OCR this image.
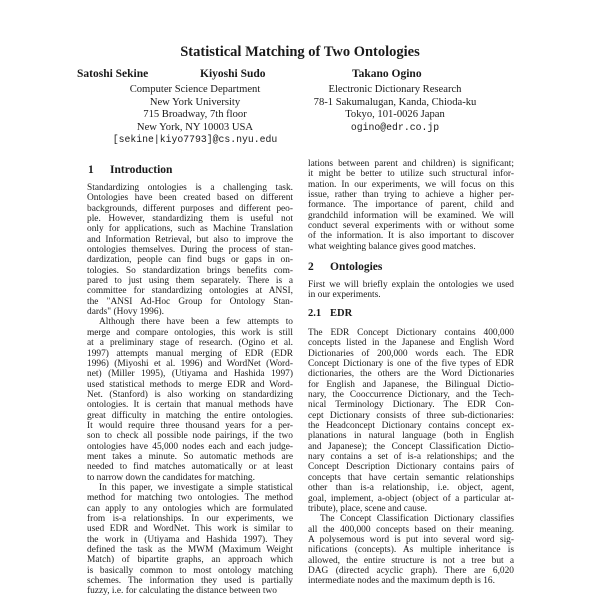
Statistical Matching of Two Ontologies
Satoshi Sekine	Kiyoshi Sudo	Takano Ogino
Computer Science Department
New York University
715 Broadway, 7th floor
New York, NY 10003 USA
[sekine|kiyo7793]@cs.nyu.edu
Electronic Dictionary Research
78-1 Sakumalugan, Kanda, Chioda-ku
Tokyo, 101-0026 Japan
ogino@edr.co.jp
1 Introduction
Standardizing ontologies is a challenging task.
Ontologies have been created based on different
backgrounds, different purposes and different peo-
ple. However, standardizing them is useful not
only for applications, such as Machine Translation
and Information Retrieval, but also to improve the
ontologies themselves. During the process of stan-
dardization, people can find bugs or gaps in on-
tologies. So standardization brings benefits com-
pared to just using them separately. There is a
committee for standardizing ontologies at ANSI,
the "ANSI Ad-Hoc Group for Ontology Stan-
dards" (Hovy 1996).
Although there have been a few attempts to
merge and compare ontologies, this work is still
at a preliminary stage of research. (Ogino et al.
1997) attempts manual merging of EDR (EDR
1996) (Miyoshi et al. 1996) and WordNet (Word-
net) (Miller 1995), (Utiyama and Hashida 1997)
used statistical methods to merge EDR and Word-
Net. (Stanford) is also working on standardizing
ontologies. It is certain that manual methods have
great difficulty in matching the entire ontologies.
It would require three thousand years for a per-
son to check all possible node pairings, if the two
ontologies have 45,000 nodes each and each judge-
ment takes a minute. So automatic methods are
needed to find matches automatically or at least
to narrow down the candidates for matching.
In this paper, we investigate a simple statistical
method for matching two ontologies. The method
can apply to any ontologies which are formulated
from is-a relationships. In our experiments, we
used EDR and WordNet. This work is similar to
the work in (Utiyama and Hashida 1997). They
defined the task as the MWM (Maximum Weight
Match) of bipartite graphs, an approach which
is basically common to most ontology matching
schemes. The information they used is partially
fuzzy, i.e. for calculating the distance between two
lations between parent and children) is significant;
it might be better to utilize such structural infor-
mation. In our experiments, we will focus on this
issue, rather than trying to achieve a higher per-
formance. The importance of parent, child and
grandchild information will be examined. We will
conduct several experiments with or without some
of the information. It is also important to discover
what weighting balance gives good matches.
2 Ontologies
First we will briefly explain the ontologies we used
in our experiments.
2.1 EDR
The EDR Concept Dictionary contains 400,000
concepts listed in the Japanese and English Word
Dictionaries of 200,000 words each. The EDR
Concept Dictionary is one of the five types of EDR
dictionaries, the others are the Word Dictionaries
for English and Japanese, the Bilingual Dictio-
nary, the Cooccurrence Dictionary, and the Tech-
nical Terminology Dictionary. The EDR Con-
cept Dictionary consists of three sub-dictionaries:
the Headconcept Dictionary contains concept ex-
planations in natural language (both in English
and Japanese); the Concept Classification Dictio-
nary contains a set of is-a relationships; and the
Concept Description Dictionary contains pairs of
concepts that have certain semantic relationships
other than is-a relationship, i.e. object, agent,
goal, implement, a-object (object of a particular at-
tribute), place, scene and cause.
The Concept Classification Dictionary classifies
all the 400,000 concepts based on their meaning.
A polysemous word is put into several word sig-
nifications (concepts). As multiple inheritance is
allowed, the entire structure is not a tree but a
DAG (directed acyclic graph). There are 6,020
intermediate nodes and the maximum depth is 16.
